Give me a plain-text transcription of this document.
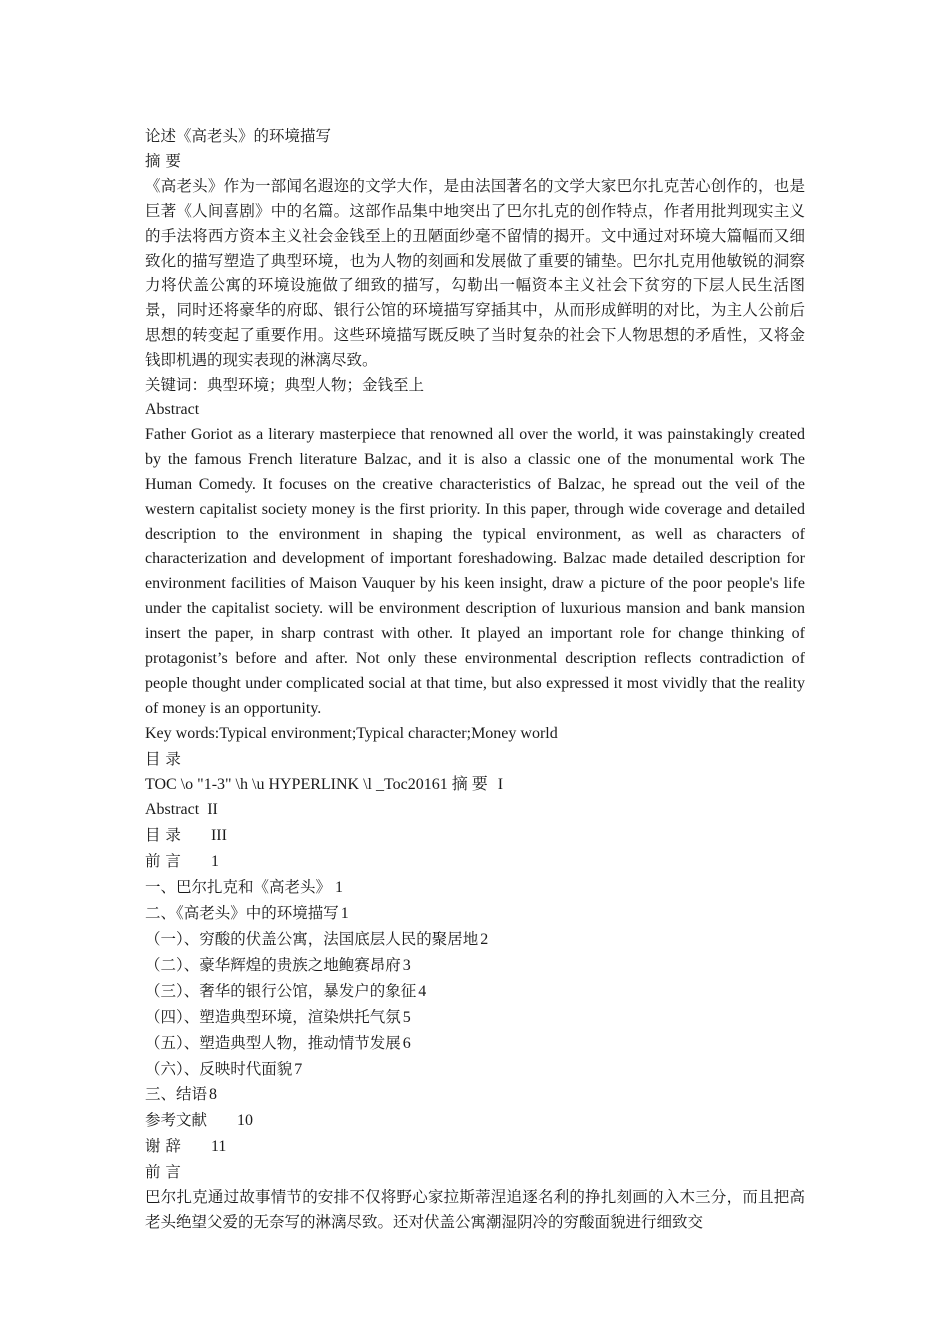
论述《高老头》的环境描写

摘 要

《高老头》作为一部闻名遐迩的文学大作，是由法国著名的文学大家巴尔扎克苦心创作的，也是巨著《人间喜剧》中的名篇。这部作品集中地突出了巴尔扎克的创作特点，作者用批判现实主义的手法将西方资本主义社会金钱至上的丑陋面纱毫不留情的揭开。文中通过对环境大篇幅而又细致化的描写塑造了典型环境，也为人物的刻画和发展做了重要的铺垫。巴尔扎克用他敏锐的洞察力将伏盖公寓的环境设施做了细致的描写，勾勒出一幅资本主义社会下贫穷的下层人民生活图景，同时还将豪华的府邸、银行公馆的环境描写穿插其中，从而形成鲜明的对比，为主人公前后思想的转变起了重要作用。这些环境描写既反映了当时复杂的社会下人物思想的矛盾性，又将金钱即机遇的现实表现的淋漓尽致。

关键词：典型环境；典型人物；金钱至上

Abstract

Father Goriot as a literary masterpiece that renowned all over the world, it was painstakingly created by the famous French literature Balzac, and it is also a classic one of the monumental work The Human Comedy. It focuses on the creative characteristics of Balzac, he spread out the veil of the western capitalist society money is the first priority. In this paper, through wide coverage and detailed description to the environment in shaping the typical environment, as well as characters of characterization and development of important foreshadowing. Balzac made detailed description for environment facilities of Maison Vauquer by his keen insight, draw a picture of the poor people's life under the capitalist society. will be environment description of luxurious mansion and bank mansion insert the paper, in sharp contrast with other. It played an important role for change thinking of protagonist’s before and after. Not only these environmental description reflects contradiction of people thought under complicated social at that time, but also expressed it most vividly that the reality of money is an opportunity.

Key words:Typical environment;Typical character;Money world

目 录

TOC \o "1-3" \h \u HYPERLINK \l _Toc20161 摘 要 I

Abstract II

目 录 III

前 言 1

一、巴尔扎克和《高老头》 1

二、《高老头》中的环境描写 1

（一）、穷酸的伏盖公寓，法国底层人民的聚居地 2

（二）、豪华辉煌的贵族之地鲍赛昂府 3

（三）、奢华的银行公馆，暴发户的象征 4

（四）、塑造典型环境，渲染烘托气氛 5

（五）、塑造典型人物，推动情节发展 6

（六）、反映时代面貌 7

三、结语 8

参考文献 10

谢 辞 11

前 言

巴尔扎克通过故事情节的安排不仅将野心家拉斯蒂涅追逐名利的挣扎刻画的入木三分，而且把高老头绝望父爱的无奈写的淋漓尽致。还对伏盖公寓潮湿阴冷的穷酸面貌进行细致交
